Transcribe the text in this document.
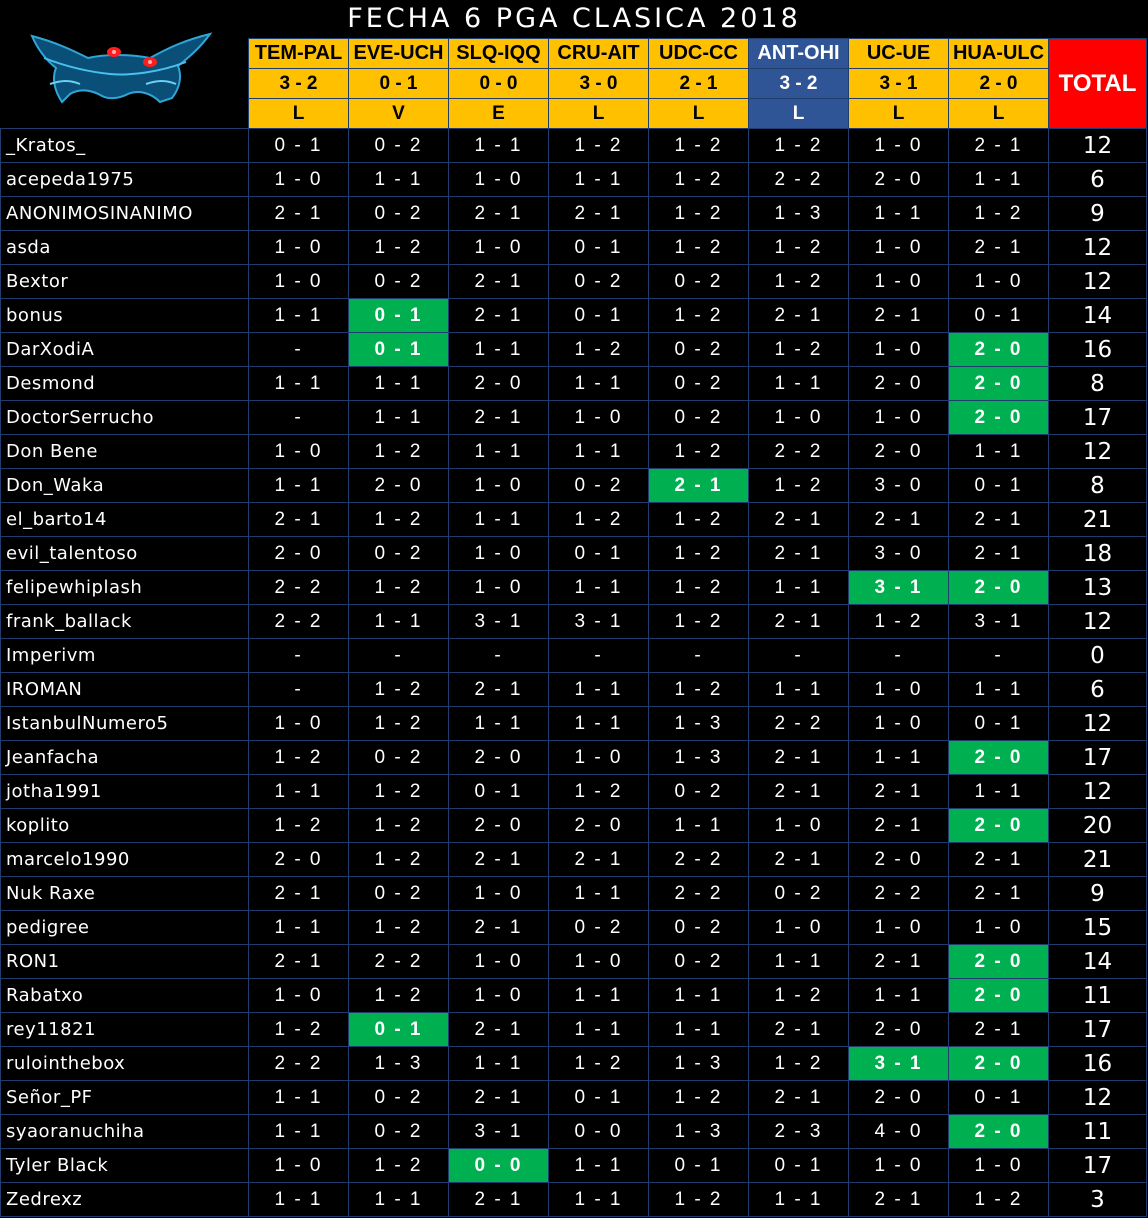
FECHA 6 PGA CLASICA 2018
	TEM-PAL	EVE-UCH	SLQ-IQQ	CRU-AIT	UDC-CC	ANT-OHI	UC-UE	HUA-ULC	TOTAL
	3 - 2	0 - 1	0 - 0	3 - 0	2 - 1	3 - 2	3 - 1	2 - 0	
	L	V	E	L	L	L	L	L	
_Kratos_	0 - 1	0 - 2	1 - 1	1 - 2	1 - 2	1 - 2	1 - 0	2 - 1	12
acepeda1975	1 - 0	1 - 1	1 - 0	1 - 1	1 - 2	2 - 2	2 - 0	1 - 1	6
ANONIMOSINANIMO	2 - 1	0 - 2	2 - 1	2 - 1	1 - 2	1 - 3	1 - 1	1 - 2	9
asda	1 - 0	1 - 2	1 - 0	0 - 1	1 - 2	1 - 2	1 - 0	2 - 1	12
Bextor	1 - 0	0 - 2	2 - 1	0 - 2	0 - 2	1 - 2	1 - 0	1 - 0	12
bonus	1 - 1	0 - 1	2 - 1	0 - 1	1 - 2	2 - 1	2 - 1	0 - 1	14
DarXodiA	-	0 - 1	1 - 1	1 - 2	0 - 2	1 - 2	1 - 0	2 - 0	16
Desmond	1 - 1	1 - 1	2 - 0	1 - 1	0 - 2	1 - 1	2 - 0	2 - 0	8
DoctorSerrucho	-	1 - 1	2 - 1	1 - 0	0 - 2	1 - 0	1 - 0	2 - 0	17
Don Bene	1 - 0	1 - 2	1 - 1	1 - 1	1 - 2	2 - 2	2 - 0	1 - 1	12
Don_Waka	1 - 1	2 - 0	1 - 0	0 - 2	2 - 1	1 - 2	3 - 0	0 - 1	8
el_barto14	2 - 1	1 - 2	1 - 1	1 - 2	1 - 2	2 - 1	2 - 1	2 - 1	21
evil_talentoso	2 - 0	0 - 2	1 - 0	0 - 1	1 - 2	2 - 1	3 - 0	2 - 1	18
felipewhiplash	2 - 2	1 - 2	1 - 0	1 - 1	1 - 2	1 - 1	3 - 1	2 - 0	13
frank_ballack	2 - 2	1 - 1	3 - 1	3 - 1	1 - 2	2 - 1	1 - 2	3 - 1	12
Imperivm	-	-	-	-	-	-	-	-	0
IROMAN	-	1 - 2	2 - 1	1 - 1	1 - 2	1 - 1	1 - 0	1 - 1	6
IstanbulNumero5	1 - 0	1 - 2	1 - 1	1 - 1	1 - 3	2 - 2	1 - 0	0 - 1	12
Jeanfacha	1 - 2	0 - 2	2 - 0	1 - 0	1 - 3	2 - 1	1 - 1	2 - 0	17
jotha1991	1 - 1	1 - 2	0 - 1	1 - 2	0 - 2	2 - 1	2 - 1	1 - 1	12
koplito	1 - 2	1 - 2	2 - 0	2 - 0	1 - 1	1 - 0	2 - 1	2 - 0	20
marcelo1990	2 - 0	1 - 2	2 - 1	2 - 1	2 - 2	2 - 1	2 - 0	2 - 1	21
Nuk Raxe	2 - 1	0 - 2	1 - 0	1 - 1	2 - 2	0 - 2	2 - 2	2 - 1	9
pedigree	1 - 1	1 - 2	2 - 1	0 - 2	0 - 2	1 - 0	1 - 0	1 - 0	15
RON1	2 - 1	2 - 2	1 - 0	1 - 0	0 - 2	1 - 1	2 - 1	2 - 0	14
Rabatxo	1 - 0	1 - 2	1 - 0	1 - 1	1 - 1	1 - 2	1 - 1	2 - 0	11
rey11821	1 - 2	0 - 1	2 - 1	1 - 1	1 - 1	2 - 1	2 - 0	2 - 1	17
rulointhebox	2 - 2	1 - 3	1 - 1	1 - 2	1 - 3	1 - 2	3 - 1	2 - 0	16
Señor_PF	1 - 1	0 - 2	2 - 1	0 - 1	1 - 2	2 - 1	2 - 0	0 - 1	12
syaoranuchiha	1 - 1	0 - 2	3 - 1	0 - 0	1 - 3	2 - 3	4 - 0	2 - 0	11
Tyler Black	1 - 0	1 - 2	0 - 0	1 - 1	0 - 1	0 - 1	1 - 0	1 - 0	17
Zedrexz	1 - 1	1 - 1	2 - 1	1 - 1	1 - 2	1 - 1	2 - 1	1 - 2	3
